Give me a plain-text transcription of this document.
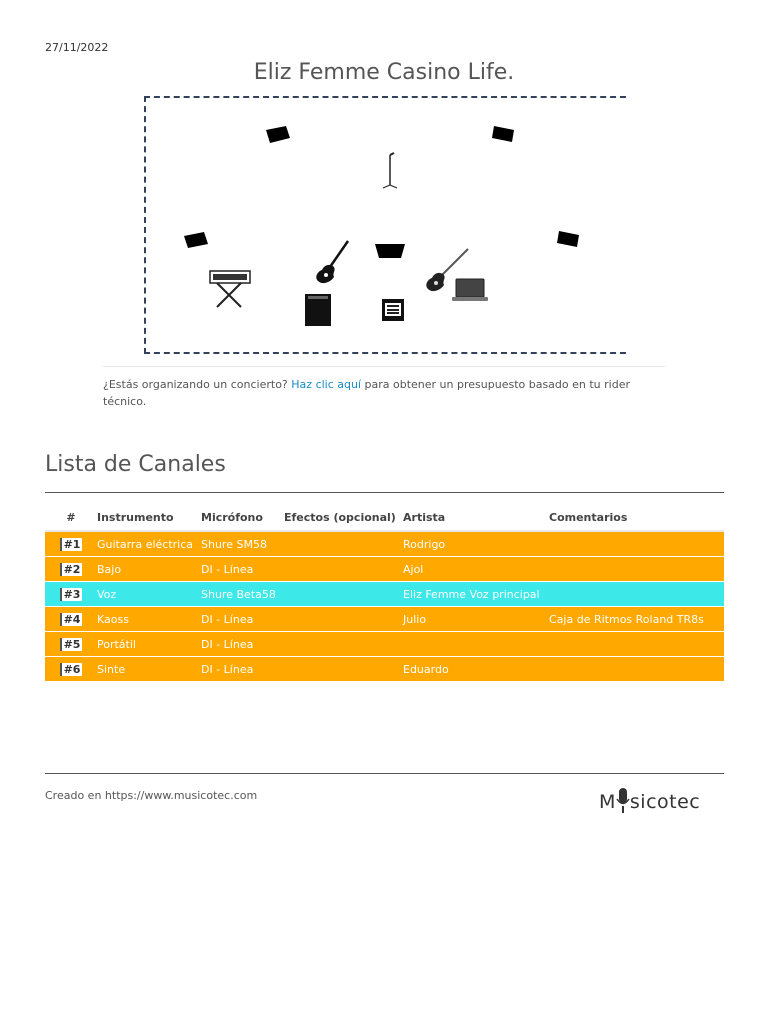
27/11/2022
Eliz Femme Casino Life.
¿Estás organizando un concierto? Haz clic aquí para obtener un presupuesto basado en tu rider técnico.
Lista de Canales
#	Instrumento	Micrófono	Efectos (opcional)	Artista	Comentarios
#1	Guitarra eléctrica	Shure SM58		Rodrigo	
#2	Bajo	DI - Línea		Ajol	
#3	Voz	Shure Beta58		Eliz Femme Voz principal	
#4	Kaoss	DI - Línea		Julio	Caja de Ritmos Roland TR8s
#5	Portátil	DI - Línea			
#6	Sinte	DI - Línea		Eduardo	
Creado en https://www.musicotec.com	M sicotec
